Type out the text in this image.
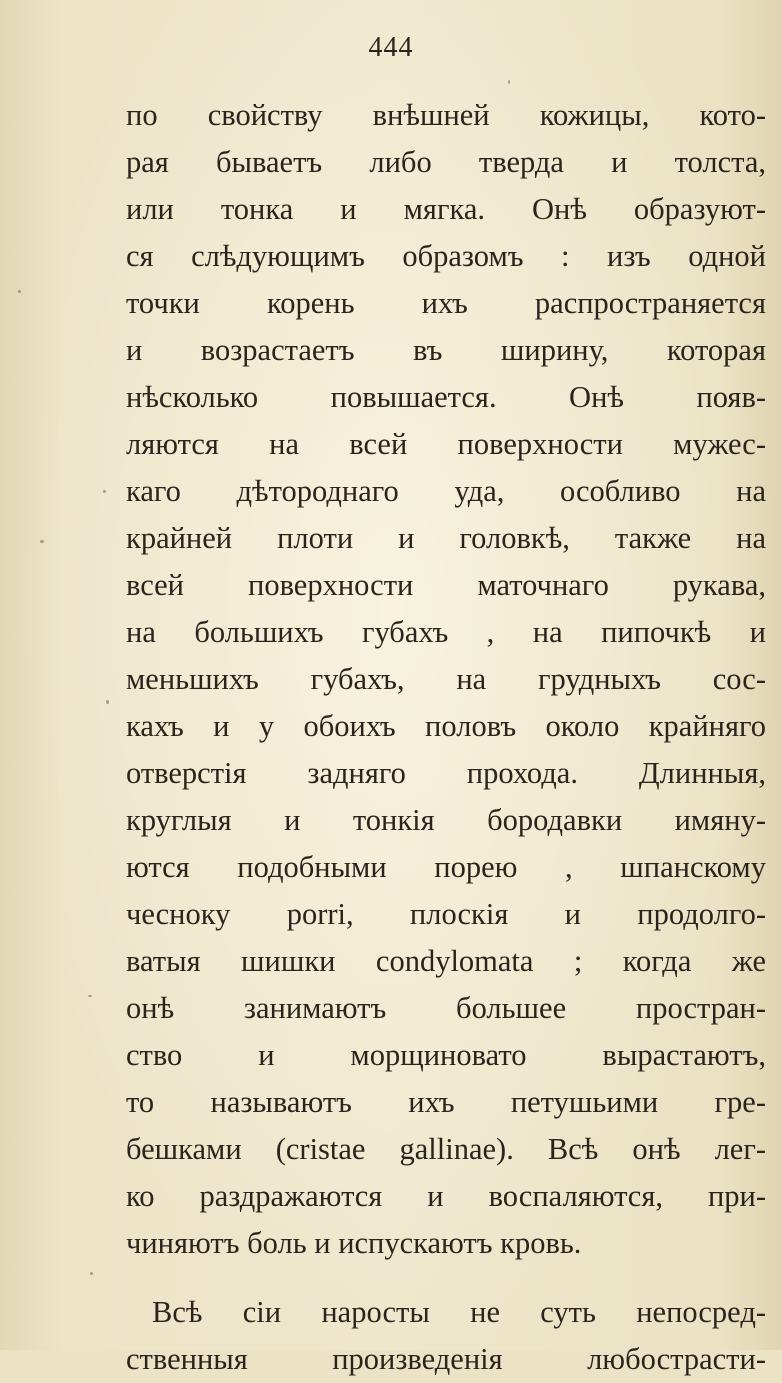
444
по свойству внѣшней кожицы, кото-
рая бываетъ либо тверда и толста,
или тонка и мягка. Онѣ образуют-
ся слѣдующимъ образомъ : изъ одной
точки корень ихъ распространяется
и возрастаетъ въ ширину, которая
нѣсколько повышается. Онѣ появ-
ляются на всей поверхности мужес-
каго дѣтороднаго уда, особливо на
крайней плоти и головкѣ, также на
всей поверхности маточнаго рукава,
на большихъ губахъ , на пипочкѣ и
меньшихъ губахъ, на грудныхъ сос-
кахъ и у обоихъ половъ около крайняго
отверстія задняго прохода. Длинныя,
круглыя и тонкія бородавки имяну-
ются подобными порею , шпанскому
чесноку porri, плоскія и продолго-
ватыя шишки condylomata ; когда же
онѣ занимаютъ большее простран-
ство и морщиновато вырастаютъ,
то называютъ ихъ петушьими гре-
бешками (cristae gallinae). Всѣ онѣ лег-
ко раздражаются и воспаляются, при-
чиняютъ боль и испускаютъ кровь.
Всѣ сіи наросты не суть непосред-
ственныя произведенія любострасти-
